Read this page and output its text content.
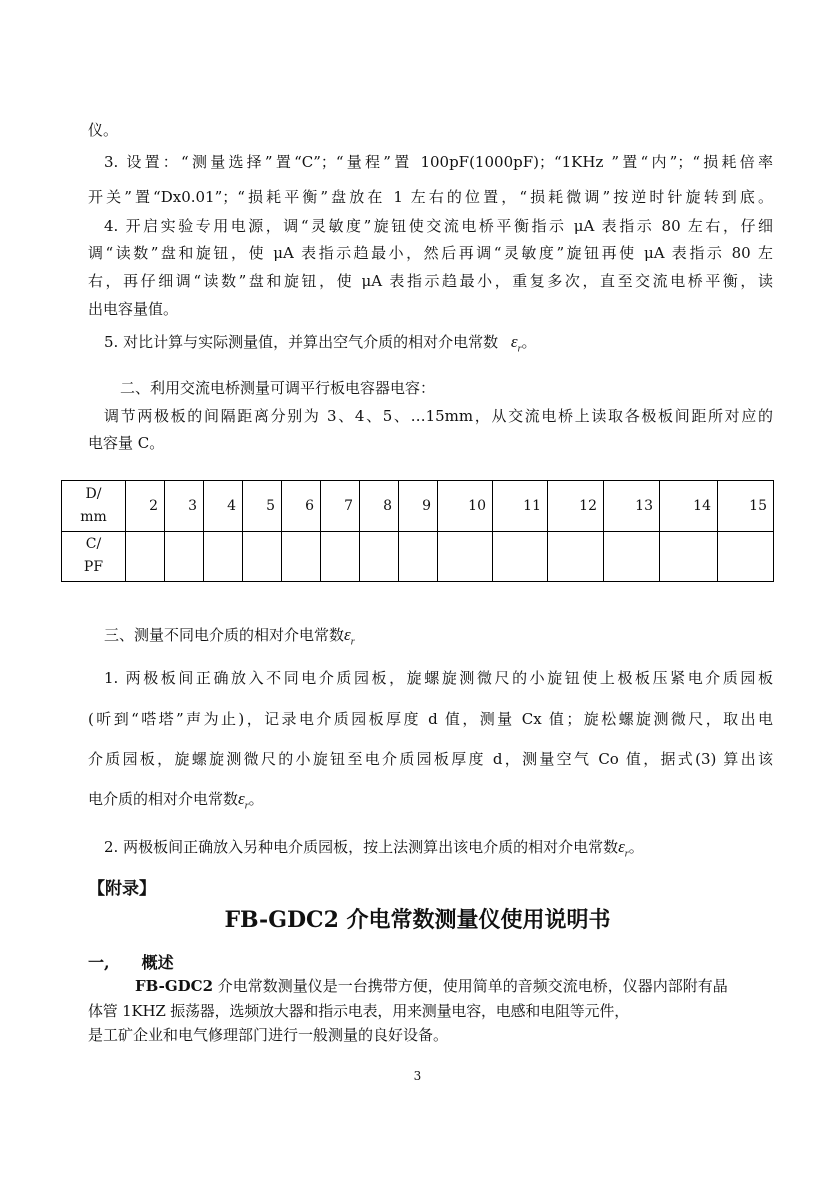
仪。
3. 设置：“测量选择”置“C”；“量程”置 100pF(1000pF)；“1KHz ”置“内”；“损耗倍率
开关”置“Dx0.01”；“损耗平衡”盘放在 1 左右的位置，“损耗微调”按逆时针旋转到底。
4. 开启实验专用电源，调“灵敏度”旋钮使交流电桥平衡指示 μA 表指示 80 左右，仔细
调“读数”盘和旋钮，使 μA 表指示趋最小，然后再调“灵敏度”旋钮再使 μA 表指示 80 左
右，再仔细调“读数”盘和旋钮，使 μA 表指示趋最小，重复多次，直至交流电桥平衡，读
出电容量值。
5. 对比计算与实际测量值，并算出空气介质的相对介电常数 $\varepsilon_r$。
二、利用交流电桥测量可调平行板电容器电容：
调节两极板的间隔距离分别为 3、4、5、…15mm，从交流电桥上读取各极板间距所对应的
电容量 C。
D/
mm	2	3	4	5	6	7	8	9	10	11	12	13	14	15
C/
PF														
三、测量不同电介质的相对介电常数$\varepsilon_r$
1. 两极板间正确放入不同电介质园板，旋螺旋测微尺的小旋钮使上极板压紧电介质园板
(听到“嗒塔”声为止)，记录电介质园板厚度 d 值，测量 Cx 值；旋松螺旋测微尺，取出电
介质园板，旋螺旋测微尺的小旋钮至电介质园板厚度 d，测量空气 Co 值，据式(3) 算出该
电介质的相对介电常数$\varepsilon_r$。
2. 两极板间正确放入另种电介质园板，按上法测算出该电介质的相对介电常数$\varepsilon_r$。
【附录】
FB-GDC2 介电常数测量仪使用说明书
一, 概述
FB-GDC2 介电常数测量仪是一台携带方便，使用简单的音频交流电桥，仪器内部附有晶
体管 1KHZ 振荡器，选频放大器和指示电表，用来测量电容，电感和电阻等元件，
是工矿企业和电气修理部门进行一般测量的良好设备。
3
